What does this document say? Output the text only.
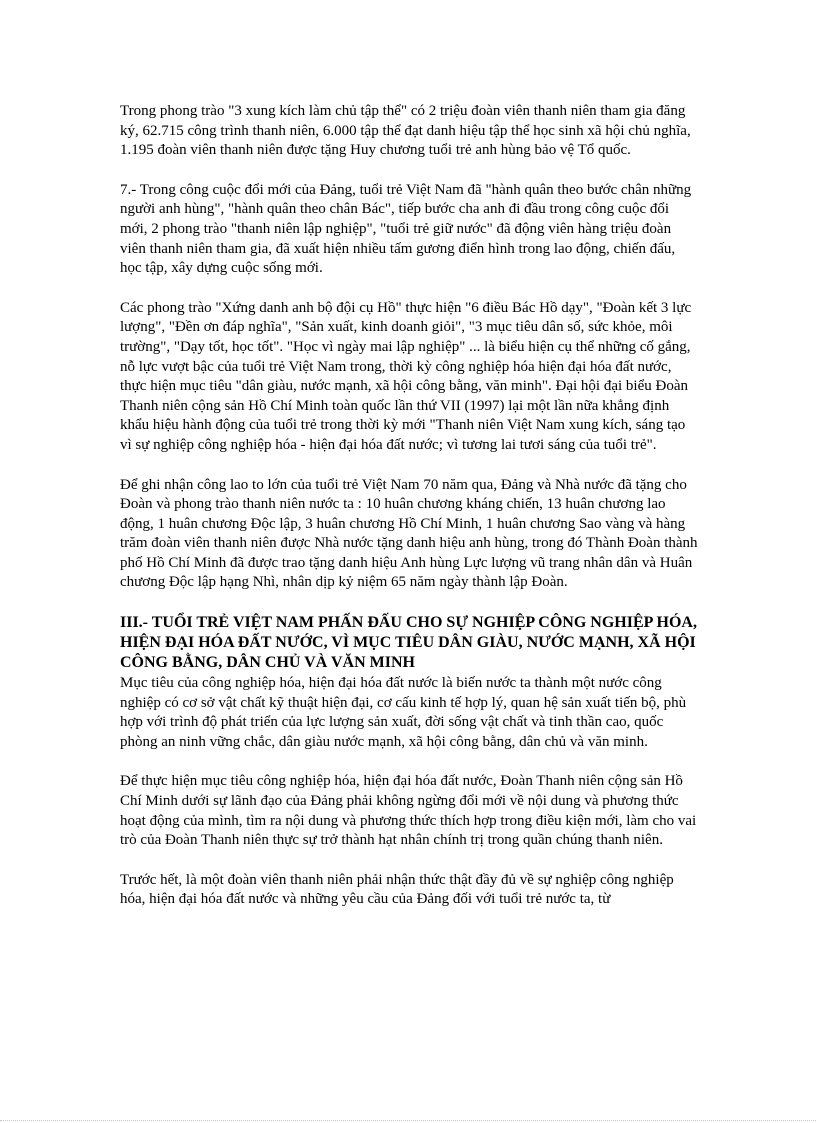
Trong phong trào "3 xung kích làm chủ tập thể" có 2 triệu đoàn viên thanh niên tham gia đăng ký, 62.715 công trình thanh niên, 6.000 tập thể đạt danh hiệu tập thể học sinh xã hội chủ nghĩa, 1.195 đoàn viên thanh niên được tặng Huy chương tuổi trẻ anh hùng bảo vệ Tổ quốc.

7.- Trong công cuộc đổi mới của Đảng, tuổi trẻ Việt Nam đã "hành quân theo bước chân những người anh hùng", "hành quân theo chân Bác", tiếp bước cha anh đi đầu trong công cuộc đổi mới, 2 phong trào "thanh niên lập nghiệp", "tuổi trẻ giữ nước" đã động viên hàng triệu đoàn viên thanh niên tham gia, đã xuất hiện nhiều tấm gương điển hình trong lao động, chiến đấu, học tập, xây dựng cuộc sống mới.

Các phong trào "Xứng danh anh bộ đội cụ Hồ" thực hiện "6 điều Bác Hồ dạy", "Đoàn kết 3 lực lượng", "Đền ơn đáp nghĩa", "Sản xuất, kinh doanh giỏi", "3 mục tiêu dân số, sức khỏe, môi trường", "Dạy tốt, học tốt". "Học vì ngày mai lập nghiệp" ... là biểu hiện cụ thể những cố gắng, nỗ lực vượt bậc của tuổi trẻ Việt Nam trong, thời kỳ công nghiệp hóa hiện đại hóa đất nước, thực hiện mục tiêu "dân giàu, nước mạnh, xã hội công bằng, văn minh". Đại hội đại biểu Đoàn Thanh niên cộng sản Hồ Chí Minh toàn quốc lần thứ VII (1997) lại một lần nữa khẳng định khẩu hiệu hành động của tuổi trẻ trong thời kỳ mới "Thanh niên Việt Nam xung kích, sáng tạo vì sự nghiệp công nghiệp hóa - hiện đại hóa đất nước; vì tương lai tươi sáng của tuổi trẻ".

Để ghi nhận công lao to lớn của tuổi trẻ Việt Nam 70 năm qua, Đảng và Nhà nước đã tặng cho Đoàn và phong trào thanh niên nước ta : 10 huân chương kháng chiến, 13 huân chương lao động, 1 huân chương Độc lập, 3 huân chương Hồ Chí Minh, 1 huân chương Sao vàng và hàng trăm đoàn viên thanh niên được Nhà nước tặng danh hiệu anh hùng, trong đó Thành Đoàn thành phố Hồ Chí Minh đã được trao tặng danh hiệu Anh hùng Lực lượng vũ trang nhân dân và Huân chương Độc lập hạng Nhì, nhân dịp kỷ niệm 65 năm ngày thành lập Đoàn.

III.- TUỔI TRẺ VIỆT NAM PHẤN ĐẤU CHO SỰ NGHIỆP CÔNG NGHIỆP HÓA, HIỆN ĐẠI HÓA ĐẤT NƯỚC, VÌ MỤC TIÊU DÂN GIÀU, NƯỚC MẠNH, XÃ HỘI CÔNG BẰNG, DÂN CHỦ VÀ VĂN MINH

Mục tiêu của công nghiệp hóa, hiện đại hóa đất nước là biến nước ta thành một nước công nghiệp có cơ sở vật chất kỹ thuật hiện đại, cơ cấu kinh tế hợp lý, quan hệ sản xuất tiến bộ, phù hợp với trình độ phát triển của lực lượng sản xuất, đời sống vật chất và tinh thần cao, quốc phòng an ninh vững chắc, dân giàu nước mạnh, xã hội công bằng, dân chủ và văn minh.

Để thực hiện mục tiêu công nghiệp hóa, hiện đại hóa đất nước, Đoàn Thanh niên cộng sản Hồ Chí Minh dưới sự lãnh đạo của Đảng phải không ngừng đổi mới về nội dung và phương thức hoạt động của mình, tìm ra nội dung và phương thức thích hợp trong điều kiện mới, làm cho vai trò của Đoàn Thanh niên thực sự trở thành hạt nhân chính trị trong quần chúng thanh niên.

Trước hết, là một đoàn viên thanh niên phải nhận thức thật đầy đủ về sự nghiệp công nghiệp hóa, hiện đại hóa đất nước và những yêu cầu của Đảng đối với tuổi trẻ nước ta, từ
